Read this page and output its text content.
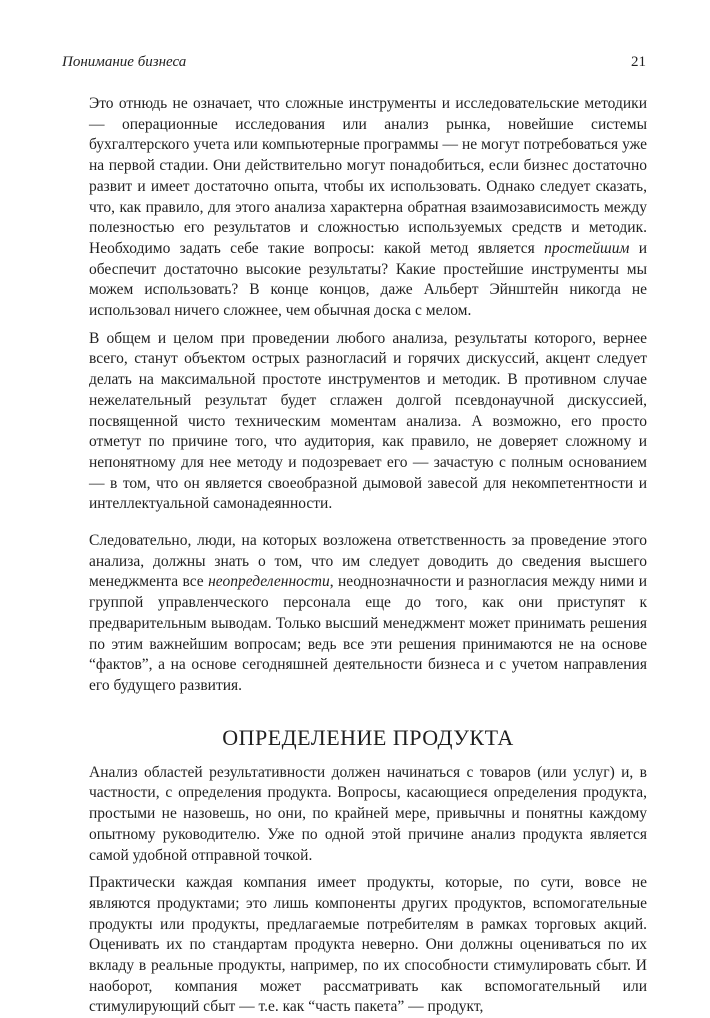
Понимание бизнеса	21

Это отнюдь не означает, что сложные инструменты и исследовательские методики — операционные исследования или анализ рынка, новейшие системы бухгалтерского учета или компьютерные программы — не могут потребоваться уже на первой стадии. Они действительно могут понадобиться, если бизнес достаточно развит и имеет достаточно опыта, чтобы их использовать. Однако следует сказать, что, как правило, для этого анализа характерна обратная взаимозависимость между полезностью его результатов и сложностью используемых средств и методик. Необходимо задать себе такие вопросы: какой метод является простейшим и обеспечит достаточно высокие результаты? Какие простейшие инструменты мы можем использовать? В конце концов, даже Альберт Эйнштейн никогда не использовал ничего сложнее, чем обычная доска с мелом.

В общем и целом при проведении любого анализа, результаты которого, вернее всего, станут объектом острых разногласий и горячих дискуссий, акцент следует делать на максимальной простоте инструментов и методик. В противном случае нежелательный результат будет сглажен долгой псевдонаучной дискуссией, посвященной чисто техническим моментам анализа. А возможно, его просто отметут по причине того, что аудитория, как правило, не доверяет сложному и непонятному для нее методу и подозревает его — зачастую с полным основанием — в том, что он является своеобразной дымовой завесой для некомпетентности и интеллектуальной самонадеянности.

Следовательно, люди, на которых возложена ответственность за проведение этого анализа, должны знать о том, что им следует доводить до сведения высшего менеджмента все неопределенности, неоднозначности и разногласия между ними и группой управленческого персонала еще до того, как они приступят к предварительным выводам. Только высший менеджмент может принимать решения по этим важнейшим вопросам; ведь все эти решения принимаются не на основе “фактов”, а на основе сегодняшней деятельности бизнеса и с учетом направления его будущего развития.

ОПРЕДЕЛЕНИЕ ПРОДУКТА

Анализ областей результативности должен начинаться с товаров (или услуг) и, в частности, с определения продукта. Вопросы, касающиеся определения продукта, простыми не назовешь, но они, по крайней мере, привычны и понятны каждому опытному руководителю. Уже по одной этой причине анализ продукта является самой удобной отправной точкой.

Практически каждая компания имеет продукты, которые, по сути, вовсе не являются продуктами; это лишь компоненты других продуктов, вспомогательные продукты или продукты, предлагаемые потребителям в рамках торговых акций. Оценивать их по стандартам продукта неверно. Они должны оцениваться по их вкладу в реальные продукты, например, по их способности стимулировать сбыт. И наоборот, компания может рассматривать как вспомогательный или стимулирующий сбыт — т.е. как “часть пакета” — продукт,
